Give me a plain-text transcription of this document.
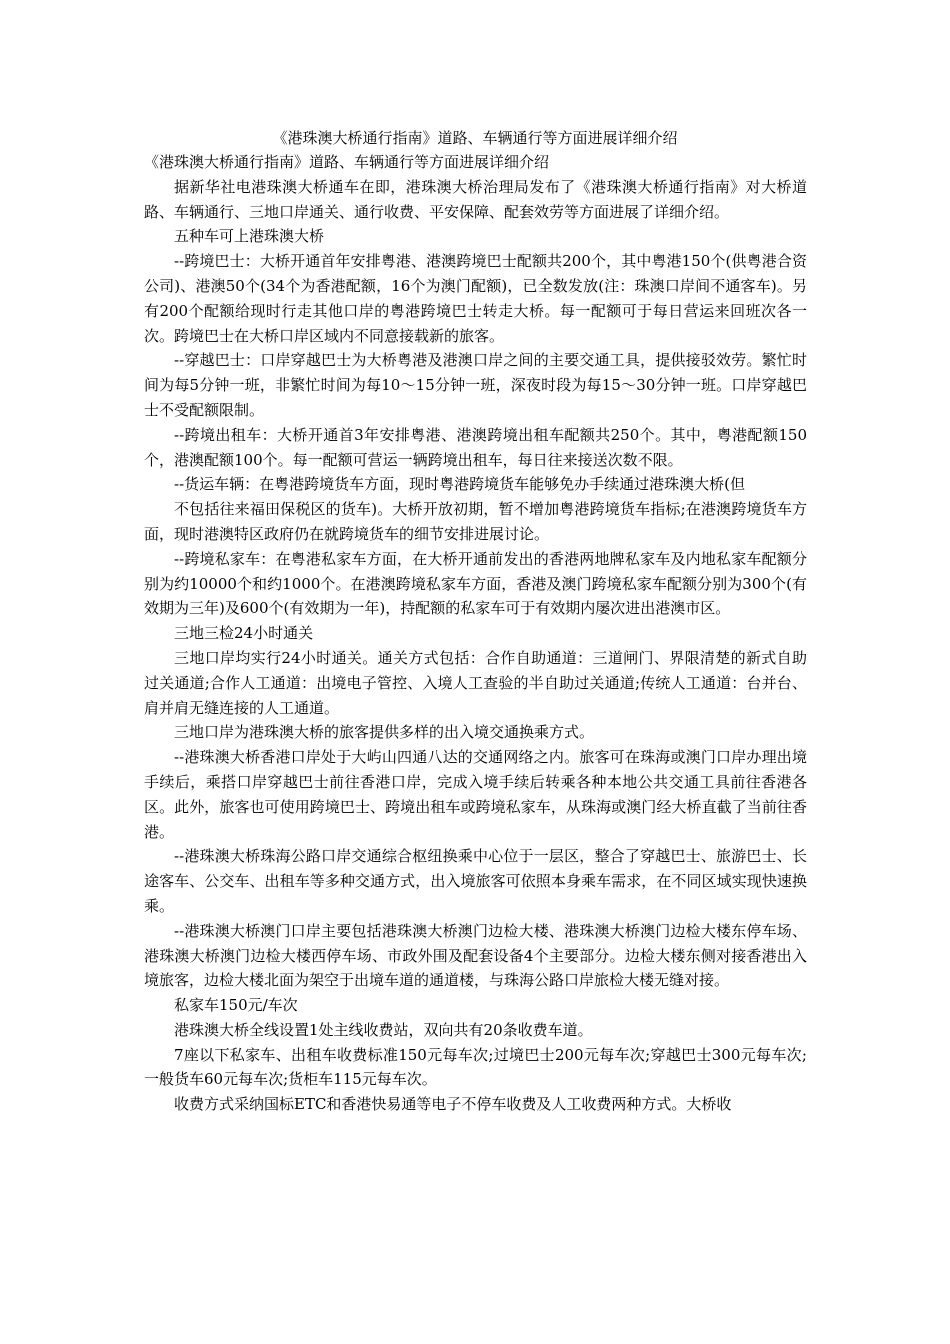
《港珠澳大桥通行指南》道路、车辆通行等方面进展详细介绍

《港珠澳大桥通行指南》道路、车辆通行等方面进展详细介绍

据新华社电港珠澳大桥通车在即，港珠澳大桥治理局发布了《港珠澳大桥通行指南》对大桥道路、车辆通行、三地口岸通关、通行收费、平安保障、配套效劳等方面进展了详细介绍。

五种车可上港珠澳大桥

--跨境巴士：大桥开通首年安排粤港、港澳跨境巴士配额共200个，其中粤港150个(供粤港合资公司)、港澳50个(34个为香港配额，16个为澳门配额)，已全数发放(注：珠澳口岸间不通客车)。另有200个配额给现时行走其他口岸的粤港跨境巴士转走大桥。每一配额可于每日营运来回班次各一次。跨境巴士在大桥口岸区域内不同意接载新的旅客。

--穿越巴士：口岸穿越巴士为大桥粤港及港澳口岸之间的主要交通工具，提供接驳效劳。繁忙时间为每5分钟一班，非繁忙时间为每10～15分钟一班，深夜时段为每15～30分钟一班。口岸穿越巴士不受配额限制。

--跨境出租车：大桥开通首3年安排粤港、港澳跨境出租车配额共250个。其中，粤港配额150个，港澳配额100个。每一配额可营运一辆跨境出租车，每日往来接送次数不限。

--货运车辆：在粤港跨境货车方面，现时粤港跨境货车能够免办手续通过港珠澳大桥(但

不包括往来福田保税区的货车)。大桥开放初期，暂不增加粤港跨境货车指标;在港澳跨境货车方面，现时港澳特区政府仍在就跨境货车的细节安排进展讨论。

--跨境私家车：在粤港私家车方面，在大桥开通前发出的香港两地牌私家车及内地私家车配额分别为约10000个和约1000个。在港澳跨境私家车方面，香港及澳门跨境私家车配额分别为300个(有效期为三年)及600个(有效期为一年)，持配额的私家车可于有效期内屡次进出港澳市区。

三地三检24小时通关

三地口岸均实行24小时通关。通关方式包括：合作自助通道：三道闸门、界限清楚的新式自助过关通道;合作人工通道：出境电子管控、入境人工查验的半自助过关通道;传统人工通道：台并台、肩并肩无缝连接的人工通道。

三地口岸为港珠澳大桥的旅客提供多样的出入境交通换乘方式。

--港珠澳大桥香港口岸处于大屿山四通八达的交通网络之内。旅客可在珠海或澳门口岸办理出境手续后，乘搭口岸穿越巴士前往香港口岸，完成入境手续后转乘各种本地公共交通工具前往香港各区。此外，旅客也可使用跨境巴士、跨境出租车或跨境私家车，从珠海或澳门经大桥直截了当前往香港。

--港珠澳大桥珠海公路口岸交通综合枢纽换乘中心位于一层区，整合了穿越巴士、旅游巴士、长途客车、公交车、出租车等多种交通方式，出入境旅客可依照本身乘车需求，在不同区域实现快速换乘。

--港珠澳大桥澳门口岸主要包括港珠澳大桥澳门边检大楼、港珠澳大桥澳门边检大楼东停车场、港珠澳大桥澳门边检大楼西停车场、市政外围及配套设备4个主要部分。边检大楼东侧对接香港出入境旅客，边检大楼北面为架空于出境车道的通道楼，与珠海公路口岸旅检大楼无缝对接。

私家车150元/车次

港珠澳大桥全线设置1处主线收费站，双向共有20条收费车道。

7座以下私家车、出租车收费标准150元每车次;过境巴士200元每车次;穿越巴士300元每车次;一般货车60元每车次;货柜车115元每车次。

收费方式采纳国标ETC和香港快易通等电子不停车收费及人工收费两种方式。大桥收
